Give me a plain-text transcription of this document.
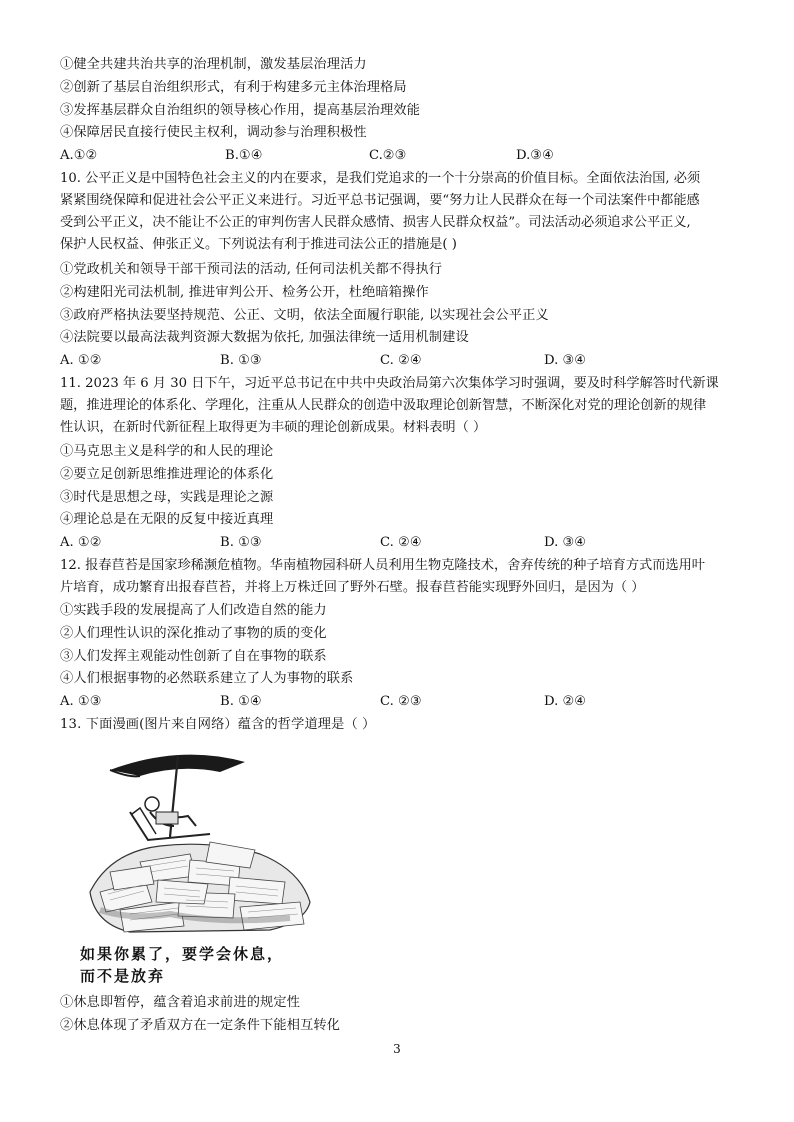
①健全共建共治共享的治理机制，激发基层治理活力
②创新了基层自治组织形式，有利于构建多元主体治理格局
③发挥基层群众自治组织的领导核心作用，提高基层治理效能
④保障居民直接行使民主权利，调动参与治理积极性
A.①②	B.①④	C.②③	D.③④
10. 公平正义是中国特色社会主义的内在要求，是我们党追求的一个十分崇高的价值目标。全面依法治国, 必须
紧紧围绕保障和促进社会公平正义来进行。习近平总书记强调，要“努力让人民群众在每一个司法案件中都能感
受到公平正义，决不能让不公正的审判伤害人民群众感情、损害人民群众权益”。司法活动必须追求公平正义,
保护人民权益、伸张正义。下列说法有利于推进司法公正的措施是( )
①党政机关和领导干部干预司法的活动, 任何司法机关都不得执行
②构建阳光司法机制, 推进审判公开、检务公开，杜绝暗箱操作
③政府严格执法要坚持规范、公正、文明，依法全面履行职能, 以实现社会公平正义
④法院要以最高法裁判资源大数据为依托, 加强法律统一适用机制建设
A. ①②	B. ①③	C. ②④	D. ③④
11. 2023 年 6 月 30 日下午，习近平总书记在中共中央政治局第六次集体学习时强调，要及时科学解答时代新课
题，推进理论的体系化、学理化，注重从人民群众的创造中汲取理论创新智慧，不断深化对党的理论创新的规律
性认识，在新时代新征程上取得更为丰硕的理论创新成果。材料表明（ ）
①马克思主义是科学的和人民的理论
②要立足创新思维推进理论的体系化
③时代是思想之母，实践是理论之源
④理论总是在无限的反复中接近真理
A. ①②	B. ①③	C. ②④	D. ③④
12. 报春苣苔是国家珍稀濒危植物。华南植物园科研人员利用生物克隆技术，舍弃传统的种子培育方式而选用叶
片培育，成功繁育出报春苣苔，并将上万株迁回了野外石壁。报春苣苔能实现野外回归，是因为（ ）
①实践手段的发展提高了人们改造自然的能力
②人们理性认识的深化推动了事物的质的变化
③人们发挥主观能动性创新了自在事物的联系
④人们根据事物的必然联系建立了人为事物的联系
A. ①③	B. ①④	C. ②③	D. ②④
13. 下面漫画(图片来自网络）蕴含的哲学道理是（ ）
如果你累了，要学会休息，
而不是放弃
①休息即暂停，蕴含着追求前进的规定性
②休息体现了矛盾双方在一定条件下能相互转化
3
